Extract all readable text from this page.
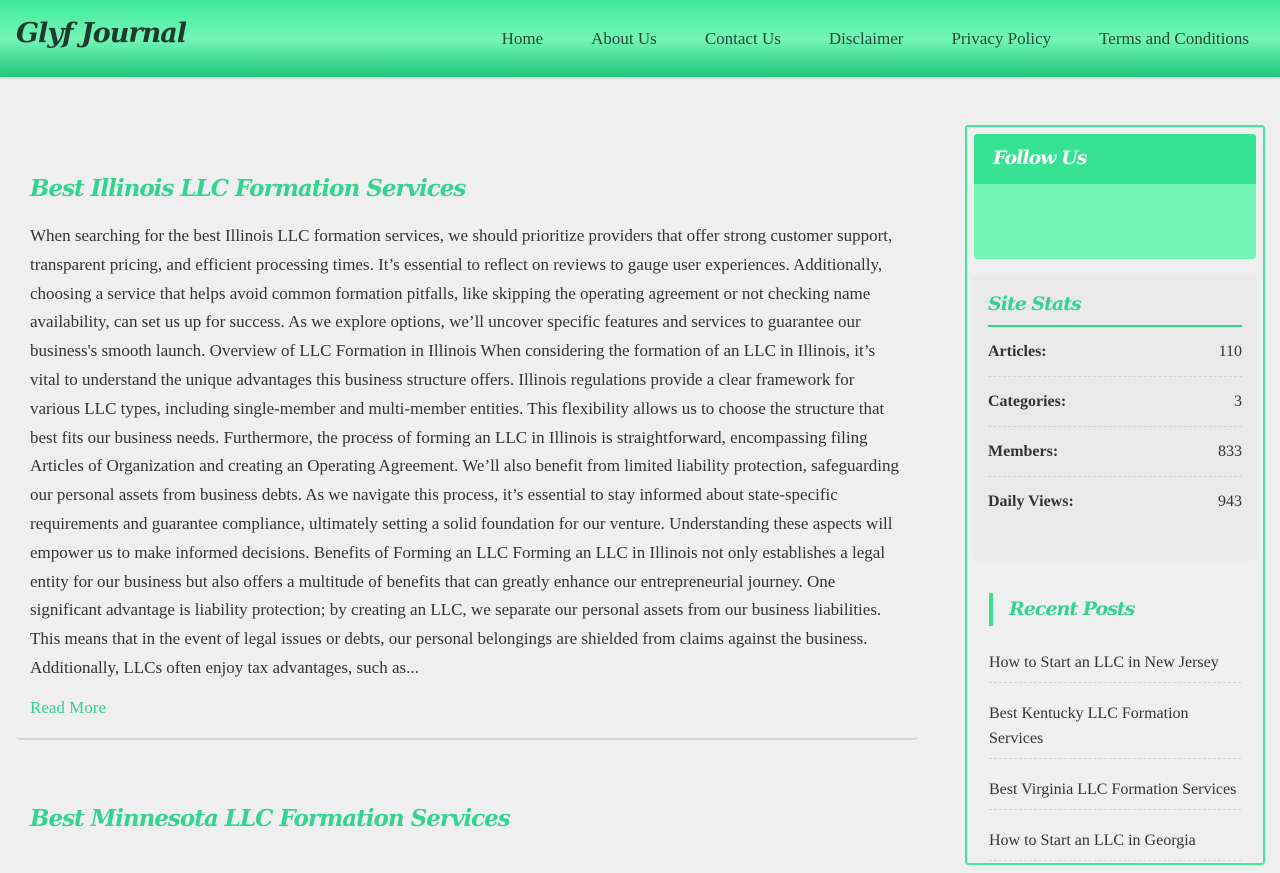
Glyf Journal	Home	About Us	Contact Us	Disclaimer	Privacy Policy	Terms and Conditions
Best Illinois LLC Formation Services

When searching for the best Illinois LLC formation services, we should prioritize providers that offer strong customer support, transparent pricing, and efficient processing times. It’s essential to reflect on reviews to gauge user experiences. Additionally, choosing a service that helps avoid common formation pitfalls, like skipping the operating agreement or not checking name availability, can set us up for success. As we explore options, we’ll uncover specific features and services to guarantee our business's smooth launch. Overview of LLC Formation in Illinois When considering the formation of an LLC in Illinois, it’s vital to understand the unique advantages this business structure offers. Illinois regulations provide a clear framework for various LLC types, including single-member and multi-member entities. This flexibility allows us to choose the structure that best fits our business needs. Furthermore, the process of forming an LLC in Illinois is straightforward, encompassing filing Articles of Organization and creating an Operating Agreement. We’ll also benefit from limited liability protection, safeguarding our personal assets from business debts. As we navigate this process, it’s essential to stay informed about state-specific requirements and guarantee compliance, ultimately setting a solid foundation for our venture. Understanding these aspects will empower us to make informed decisions. Benefits of Forming an LLC Forming an LLC in Illinois not only establishes a legal entity for our business but also offers a multitude of benefits that can greatly enhance our entrepreneurial journey. One significant advantage is liability protection; by creating an LLC, we separate our personal assets from our business liabilities. This means that in the event of legal issues or debts, our personal belongings are shielded from claims against the business. Additionally, LLCs often enjoy tax advantages, such as...

Read More
Best Minnesota LLC Formation Services
Follow Us
Site Stats
Articles:	110
Categories:	3
Members:	833
Daily Views:	943
Recent Posts
How to Start an LLC in New Jersey
Best Kentucky LLC Formation Services
Best Virginia LLC Formation Services
How to Start an LLC in Georgia
